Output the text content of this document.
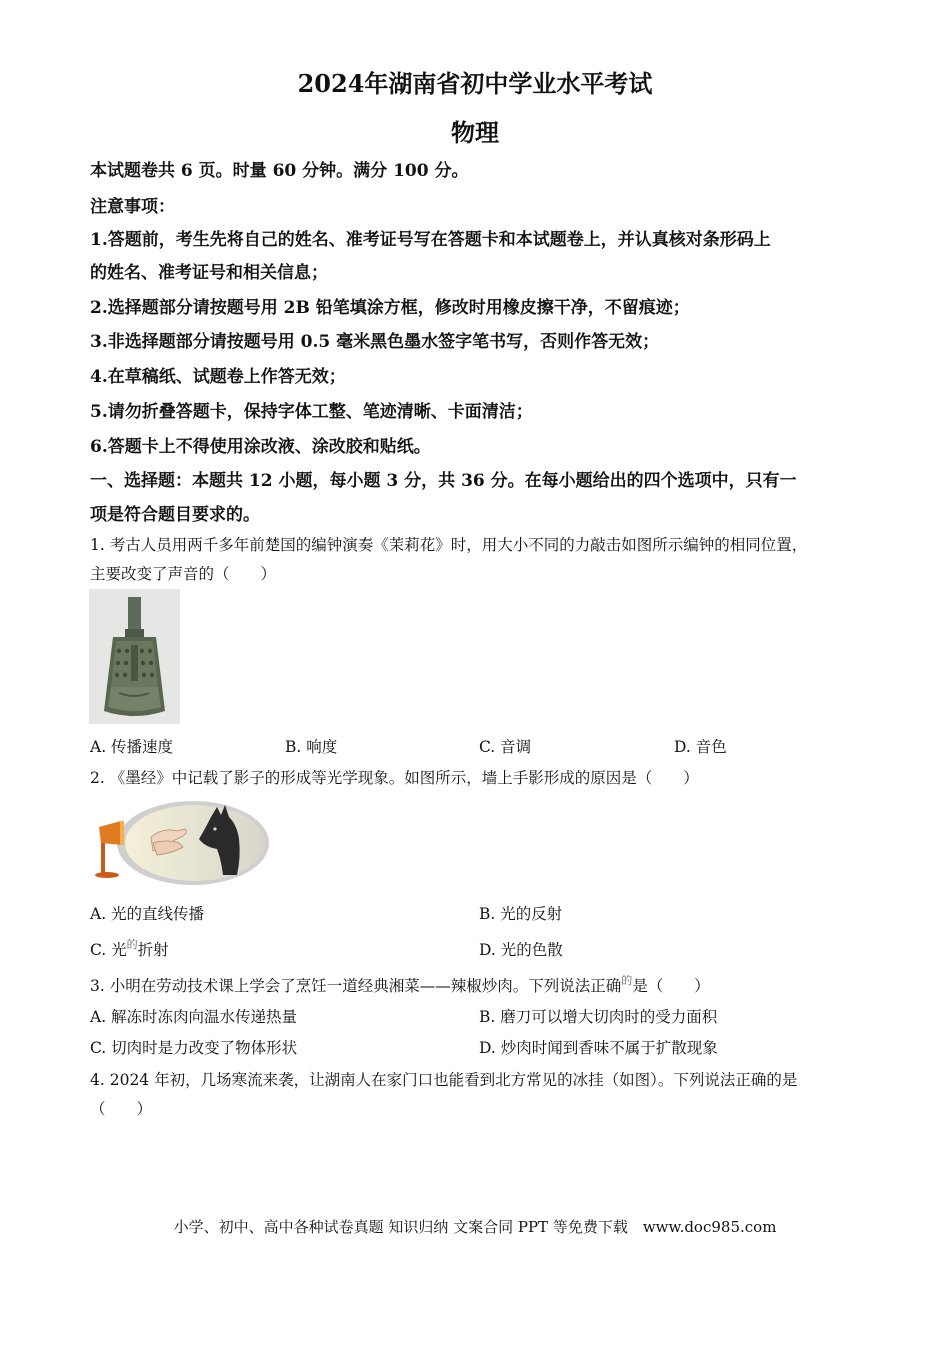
2024年湖南省初中学业水平考试
物理
本试题卷共 6 页。时量 60 分钟。满分 100 分。
注意事项：
1.答题前，考生先将自己的姓名、准考证号写在答题卡和本试题卷上，并认真核对条形码上
的姓名、准考证号和相关信息；
2.选择题部分请按题号用 2B 铅笔填涂方框，修改时用橡皮擦干净，不留痕迹；
3.非选择题部分请按题号用 0.5 毫米黑色墨水签字笔书写，否则作答无效；
4.在草稿纸、试题卷上作答无效；
5.请勿折叠答题卡，保持字体工整、笔迹清晰、卡面清洁；
6.答题卡上不得使用涂改液、涂改胶和贴纸。
一、选择题：本题共 12 小题，每小题 3 分，共 36 分。在每小题给出的四个选项中，只有一
项是符合题目要求的。
1. 考古人员用两千多年前楚国的编钟演奏《茉莉花》时，用大小不同的力敲击如图所示编钟的相同位置，
主要改变了声音的（　　）
A. 传播速度	B. 响度	C. 音调	D. 音色
2. 《墨经》中记载了影子的形成等光学现象。如图所示，墙上手影形成的原因是（　　）
A. 光的直线传播	B. 光的反射
C. 光$^的$折射	D. 光的色散
3. 小明在劳动技术课上学会了烹饪一道经典湘菜——辣椒炒肉。下列说法正确$^的$是（　　）
A. 解冻时冻肉向温水传递热量	B. 磨刀可以增大切肉时的受力面积
C. 切肉时是力改变了物体形状	D. 炒肉时闻到香味不属于扩散现象
4. 2024 年初，几场寒流来袭，让湖南人在家门口也能看到北方常见的冰挂（如图）。下列说法正确的是
（　　）
小学、初中、高中各种试卷真题 知识归纳 文案合同 PPT 等免费下载　www.doc985.com
